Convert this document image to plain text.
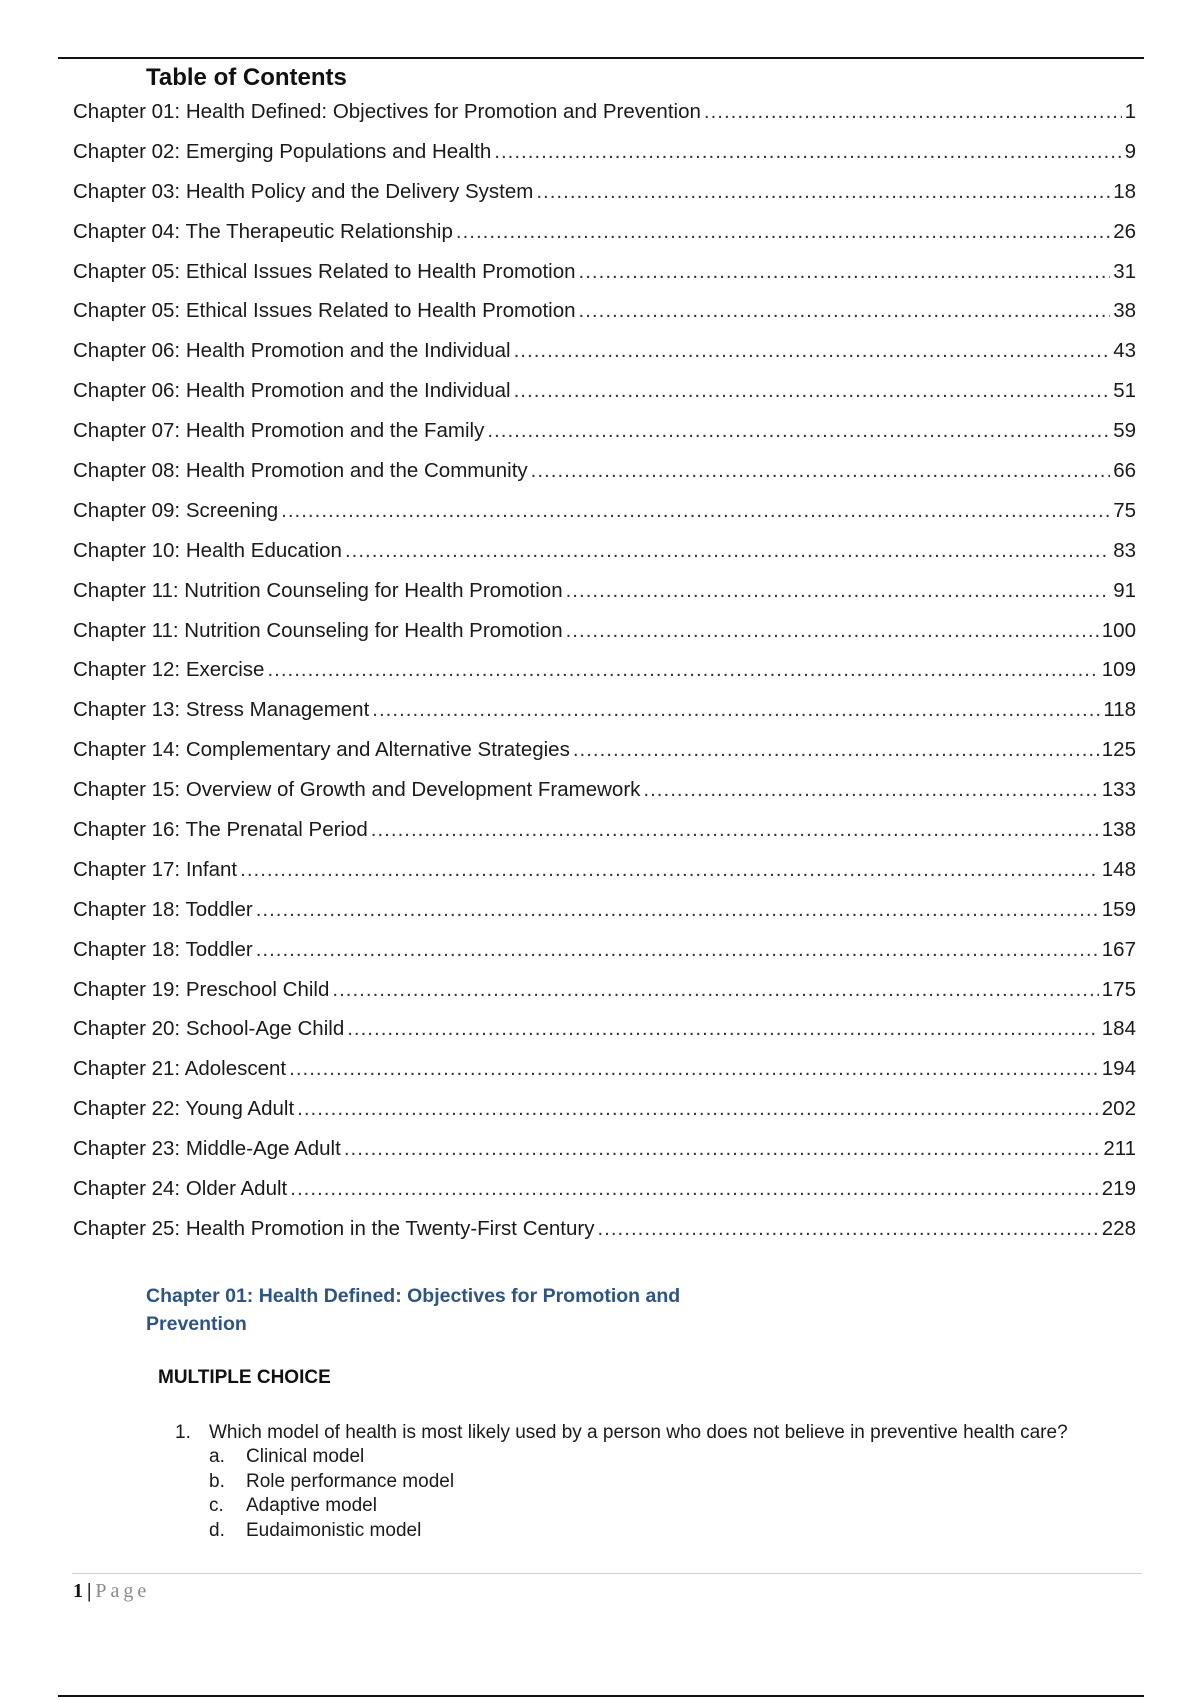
Table of Contents
Chapter 01: Health Defined: Objectives for Promotion and Prevention .....	1
Chapter 02: Emerging Populations and Health .....	9
Chapter 03: Health Policy and the Delivery System .....	18
Chapter 04: The Therapeutic Relationship .....	26
Chapter 05: Ethical Issues Related to Health Promotion .....	31
Chapter 05: Ethical Issues Related to Health Promotion .....	38
Chapter 06: Health Promotion and the Individual .....	43
Chapter 06: Health Promotion and the Individual .....	51
Chapter 07: Health Promotion and the Family .....	59
Chapter 08: Health Promotion and the Community .....	66
Chapter 09: Screening .....	75
Chapter 10: Health Education .....	83
Chapter 11: Nutrition Counseling for Health Promotion .....	91
Chapter 11: Nutrition Counseling for Health Promotion .....	100
Chapter 12: Exercise .....	109
Chapter 13: Stress Management .....	118
Chapter 14: Complementary and Alternative Strategies .....	125
Chapter 15: Overview of Growth and Development Framework .....	133
Chapter 16: The Prenatal Period .....	138
Chapter 17: Infant .....	148
Chapter 18: Toddler .....	159
Chapter 18: Toddler .....	167
Chapter 19: Preschool Child .....	175
Chapter 20: School-Age Child .....	184
Chapter 21: Adolescent .....	194
Chapter 22: Young Adult .....	202
Chapter 23: Middle-Age Adult .....	211
Chapter 24: Older Adult .....	219
Chapter 25: Health Promotion in the Twenty-First Century .....	228
Chapter 01: Health Defined: Objectives for Promotion and Prevention
MULTIPLE CHOICE
1. Which model of health is most likely used by a person who does not believe in preventive health care?
a.	Clinical model
b.	Role performance model
c.	Adaptive model
d.	Eudaimonistic model
1 | Page
